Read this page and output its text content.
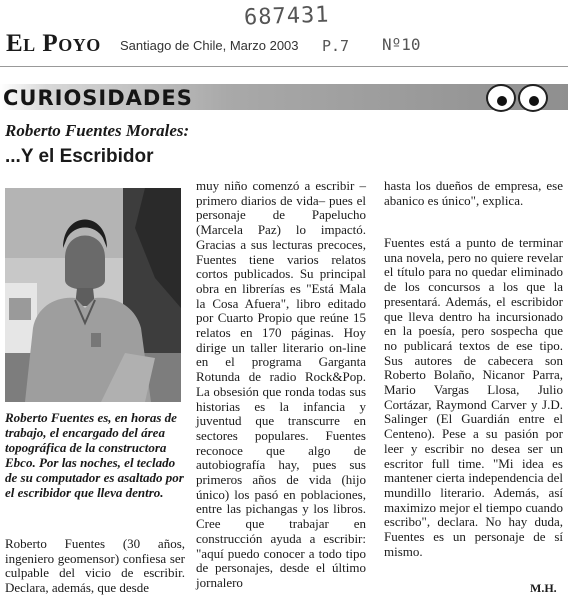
El Poyo Santiago de Chile, Marzo 2003
687431
P.7 Nº10
CURIOSIDADES
Roberto Fuentes Morales:
...Y el Escribidor
Roberto Fuentes es, en horas de trabajo, el encargado del área topográfica de la constructora Ebco. Por las noches, el teclado de su computador es asaltado por el escribidor que lleva dentro.
Roberto Fuentes (30 años, ingeniero geomensor) confiesa ser culpable del vicio de escribir. Declara, además, que desde
muy niño comenzó a escribir –primero diarios de vida– pues el personaje de Papelucho (Marcela Paz) lo impactó. Gracias a sus lecturas precoces, Fuentes tiene varios relatos cortos publicados. Su principal obra en librerías es "Está Mala la Cosa Afuera", libro editado por Cuarto Propio que reúne 15 relatos en 170 páginas. Hoy dirige un taller literario on-line en el programa Garganta Rotunda de radio Rock&Pop. La obsesión que ronda todas sus historias es la infancia y juventud que transcurre en sectores populares. Fuentes reconoce que algo de autobiografía hay, pues sus primeros años de vida (hijo único) los pasó en poblaciones, entre las pichangas y los libros. Cree que trabajar en construcción ayuda a escribir: "aquí puedo conocer a todo tipo de personajes, desde el último jornalero
hasta los dueños de empresa, ese abanico es único", explica.
Fuentes está a punto de terminar una novela, pero no quiere revelar el título para no quedar eliminado de los concursos a los que la presentará. Además, el escribidor que lleva dentro ha incursionado en la poesía, pero sospecha que no publicará textos de ese tipo. Sus autores de cabecera son Roberto Bolaño, Nicanor Parra, Mario Vargas Llosa, Julio Cortázar, Raymond Carver y J.D. Salinger (El Guardián entre el Centeno). Pese a su pasión por leer y escribir no desea ser un escritor full time. "Mi idea es mantener cierta independencia del mundillo literario. Además, así maximizo mejor el tiempo cuando escribo", declara. No hay duda, Fuentes es un personaje de sí mismo.
M.H.
